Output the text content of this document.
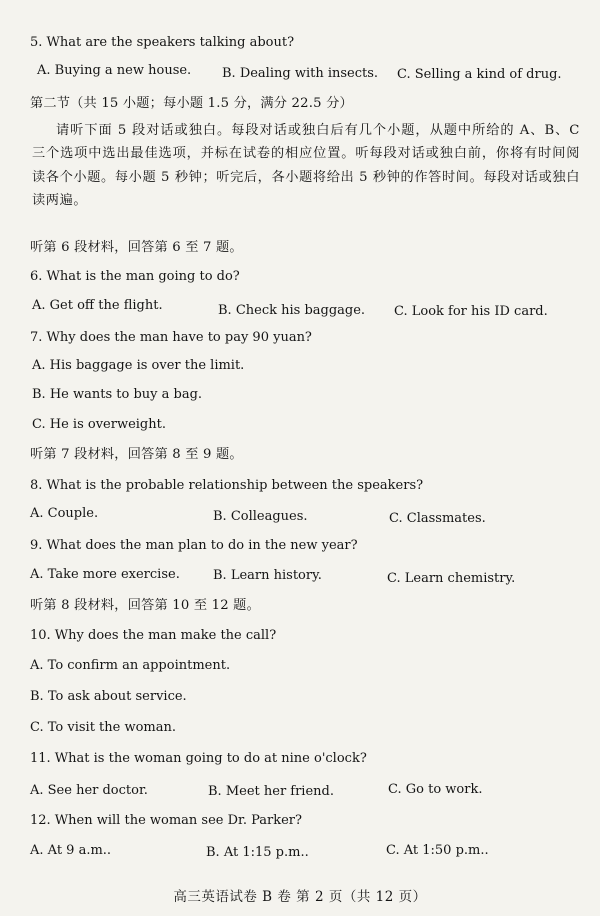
5. What are the speakers talking about?
A. Buying a new house. B. Dealing with insects. C. Selling a kind of drug.
第二节（共 15 小题；每小题 1.5 分，满分 22.5 分）
请听下面 5 段对话或独白。每段对话或独白后有几个小题，从题中所给的 A、B、C 三个选项中选出最佳选项，并标在试卷的相应位置。听每段对话或独白前，你将有时间阅读各个小题。每小题 5 秒钟；听完后，各小题将给出 5 秒钟的作答时间。每段对话或独白读两遍。
听第 6 段材料，回答第 6 至 7 题。
6. What is the man going to do?
A. Get off the flight.	B. Check his baggage. C. Look for his ID card.
7. Why does the man have to pay 90 yuan?
A. His baggage is over the limit.
B. He wants to buy a bag.
C. He is overweight.
听第 7 段材料，回答第 8 至 9 题。
8. What is the probable relationship between the speakers?
A. Couple.	B. Colleagues.	C. Classmates.
9. What does the man plan to do in the new year?
A. Take more exercise.	B. Learn history.	C. Learn chemistry.
听第 8 段材料，回答第 10 至 12 题。
10. Why does the man make the call?
A. To confirm an appointment.
B. To ask about service.
C. To visit the woman.
11. What is the woman going to do at nine o'clock?
A. See her doctor.	B. Meet her friend.	C. Go to work.
12. When will the woman see Dr. Parker?
A. At 9 a.m..	B. At 1:15 p.m..	C. At 1:50 p.m..
高三英语试卷 B 卷 第 2 页（共 12 页）
